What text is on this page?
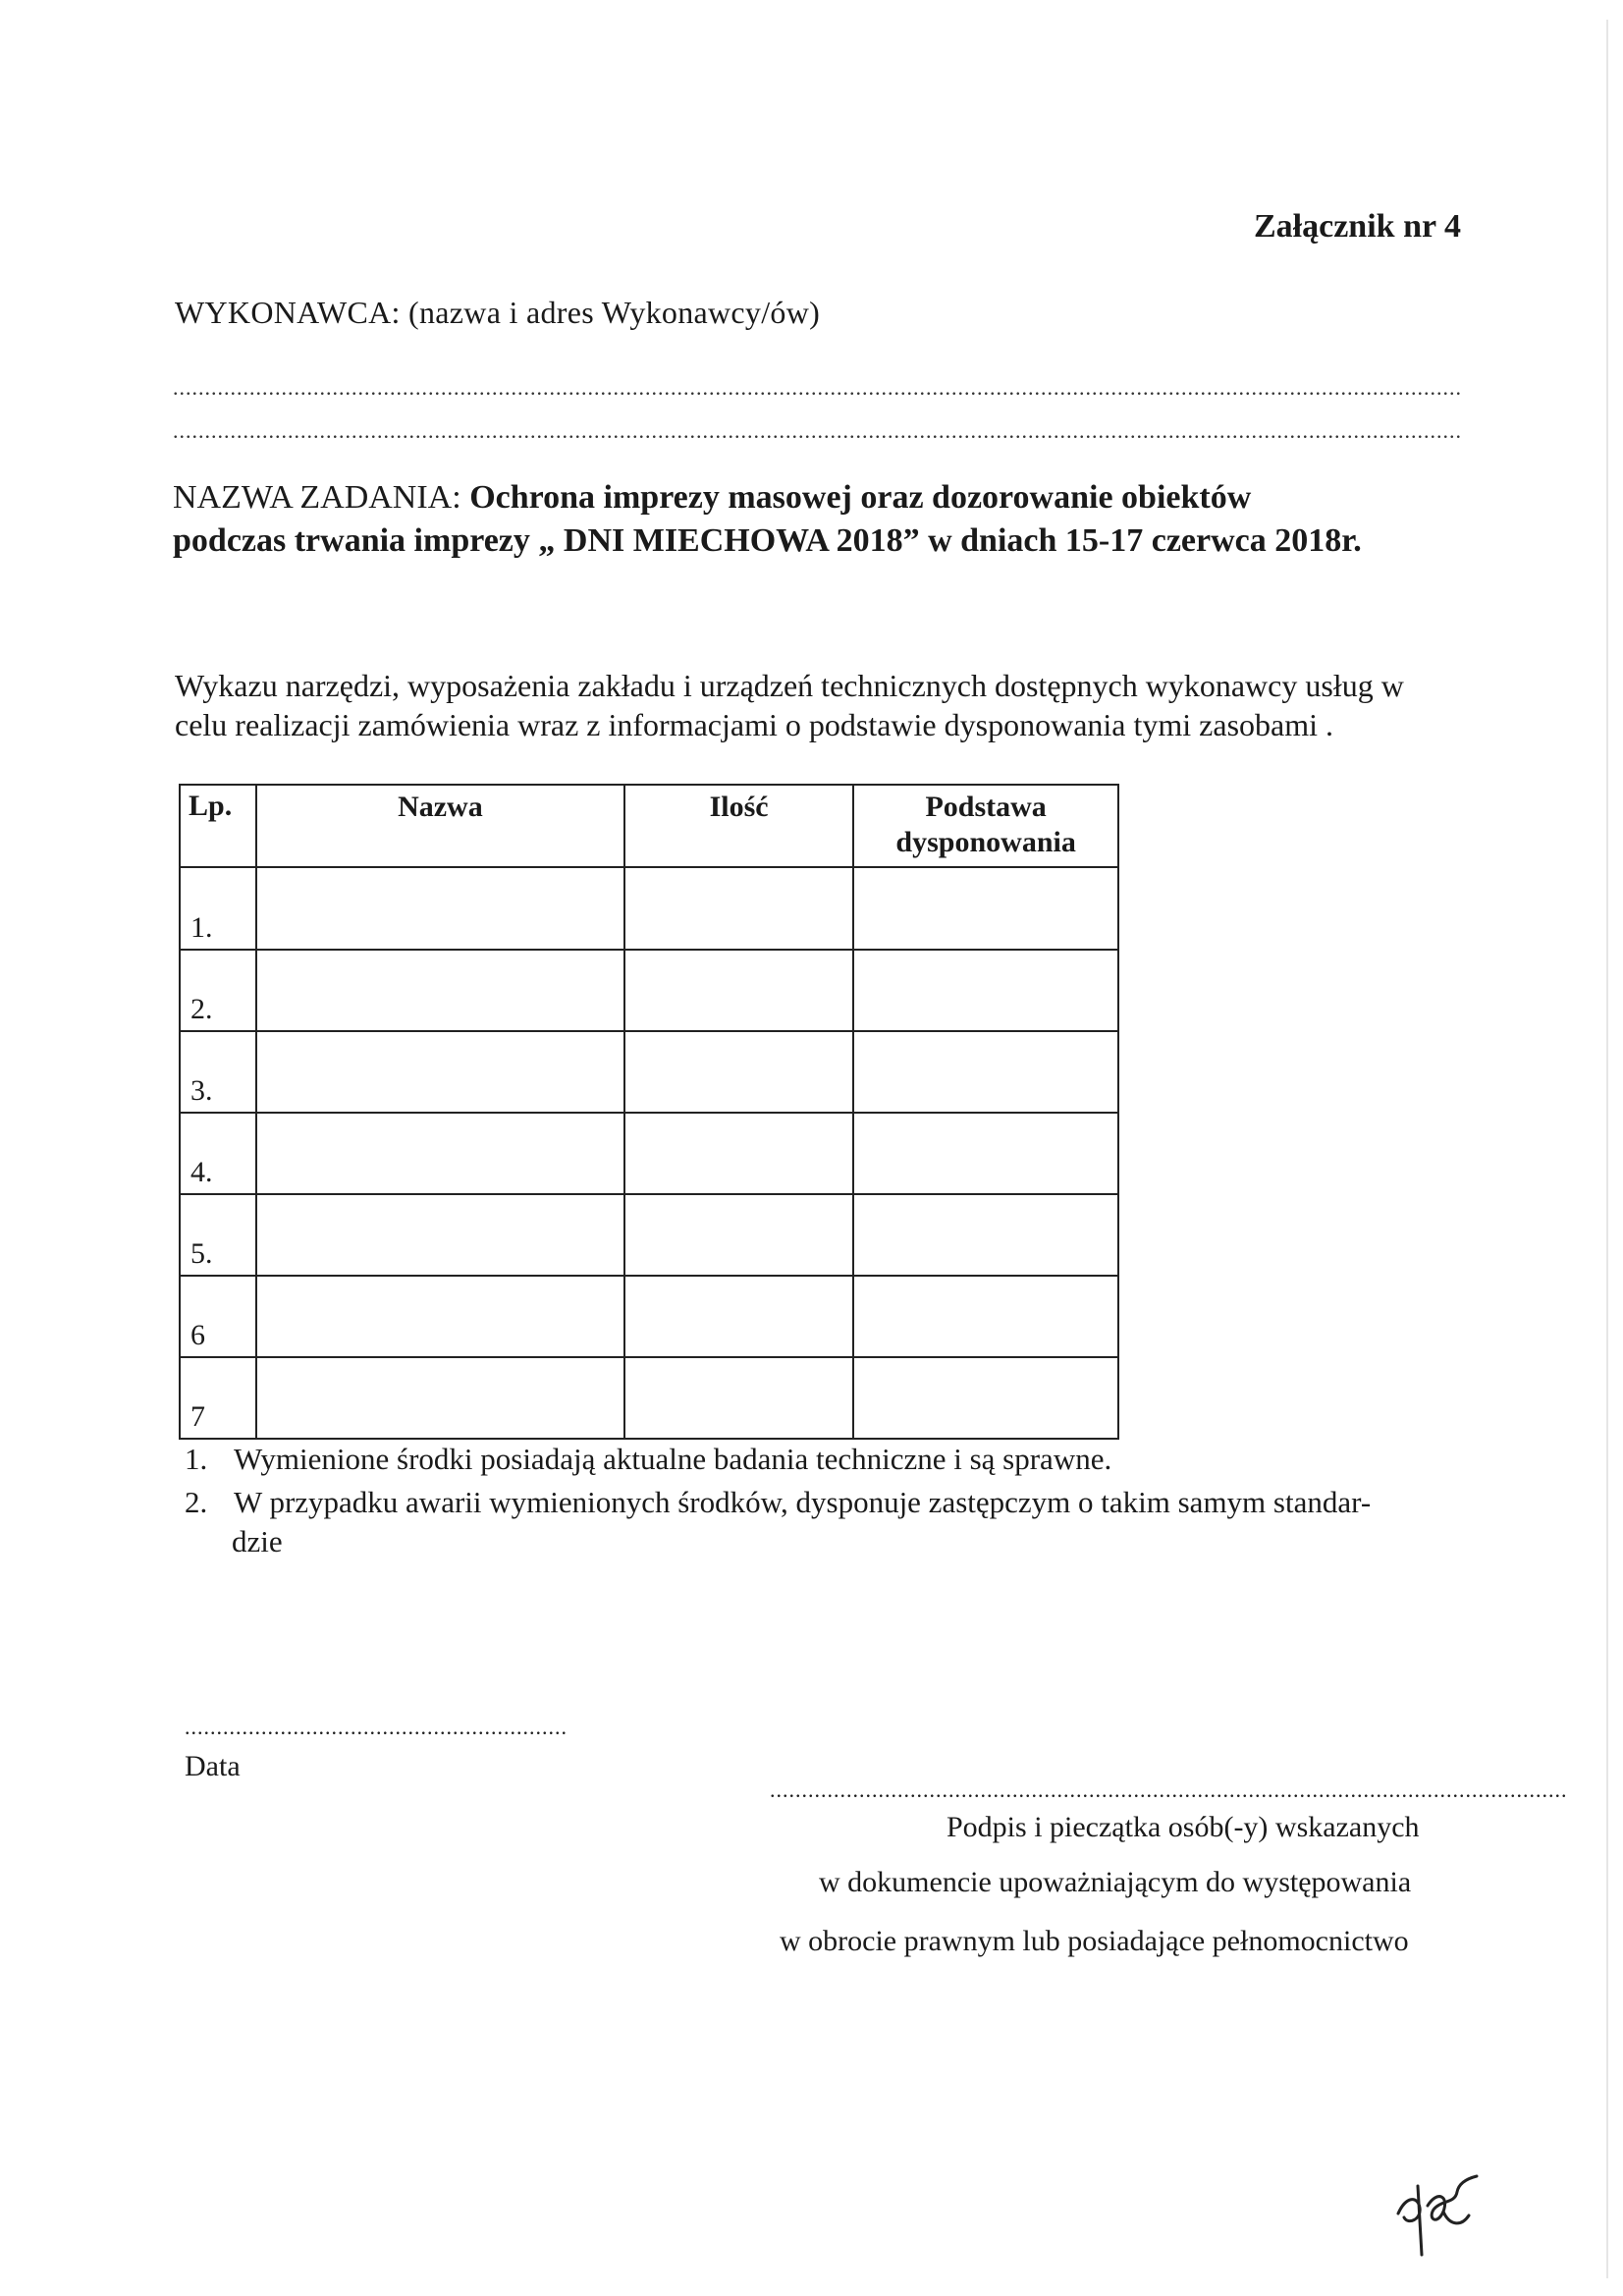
Załącznik nr 4
WYKONAWCA: (nazwa i adres Wykonawcy/ów)
..........................................................................................................................................................................................................
..........................................................................................................................................................................................................
NAZWA ZADANIA: Ochrona imprezy masowej oraz dozorowanie obiektów
podczas trwania imprezy „ DNI MIECHOWA 2018” w dniach 15-17 czerwca 2018r.
Wykazu narzędzi, wyposażenia zakładu i urządzeń technicznych dostępnych wykonawcy usług w
celu realizacji zamówienia wraz z informacjami o podstawie dysponowania tymi zasobami .
Lp.	Nazwa	Ilość	Podstawa
dysponowania

1.			
2.			
3.			
4.			
5.			
6			
7			
1. Wymienione środki posiadają aktualne badania techniczne i są sprawne.
2. W przypadku awarii wymienionych środków, dysponuje zastępczym o takim samym standar-
dzie
............................................................
Data
.............................................................................................................................
Podpis i pieczątka osób(-y) wskazanych
w dokumencie upoważniającym do występowania
w obrocie prawnym lub posiadające pełnomocnictwo
